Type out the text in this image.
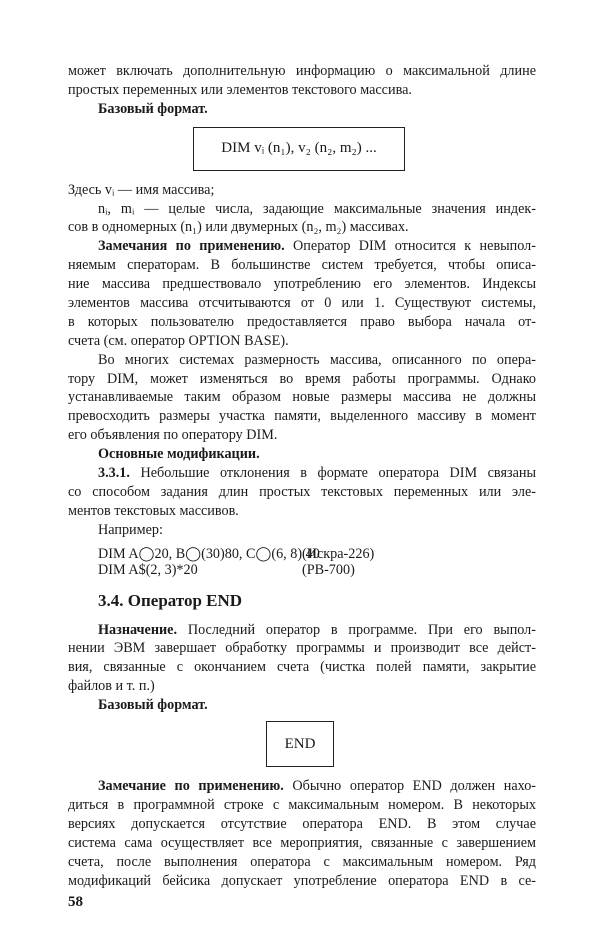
может включать дополнительную информацию о максимальной длине
простых переменных или элементов текстового массива.
Базовый формат.
DIM vᵢ (n₁), v₂ (n₂, m₂) ...
Здесь vᵢ — имя массива;
nᵢ, mᵢ — целые числа, задающие максимальные значения индек-
сов в одномерных (n₁) или двумерных (n₂, m₂) массивах.
Замечания по применению. Оператор DIM относится к невыпол-
няемым сператорам. В большинстве систем требуется, чтобы описа-
ние массива предшествовало употреблению его элементов. Индексы
элементов массива отсчитываются от 0 или 1. Существуют системы,
в которых пользователю предоставляется право выбора начала от-
счета (см. оператор OPTION BASE).
Во многих системах размерность массива, описанного по опера-
тору DIM, может изменяться во время работы программы. Однако
устанавливаемые таким образом новые размеры массива не должны
превосходить размеры участка памяти, выделенного массиву в момент
его объявления по оператору DIM.
Основные модификации.
3.3.1. Небольшие отклонения в формате оператора DIM связаны
со способом задания длин простых текстовых переменных или эле-
ментов текстовых массивов.
Например:
DIM A◯20, B◯(30)80, C◯(6, 8) 40
(Искра-226)
DIM A$(2, 3)*20	(РВ-700)
3.4. Оператор END
Назначение. Последний оператор в программе. При его выпол-
нении ЭВМ завершает обработку программы и производит все дейст-
вия, связанные с окончанием счета (чистка полей памяти, закрытие
файлов и т. п.)
Базовый формат.
END
Замечание по применению. Обычно оператор END должен нахо-
диться в программной строке с максимальным номером. В некоторых
версиях допускается отсутствие оператора END. В этом случае
система сама осуществляет все мероприятия, связанные с завершением
счета, после выполнения оператора с максимальным номером. Ряд
модификаций бейсика допускает употребление оператора END в се-
58
